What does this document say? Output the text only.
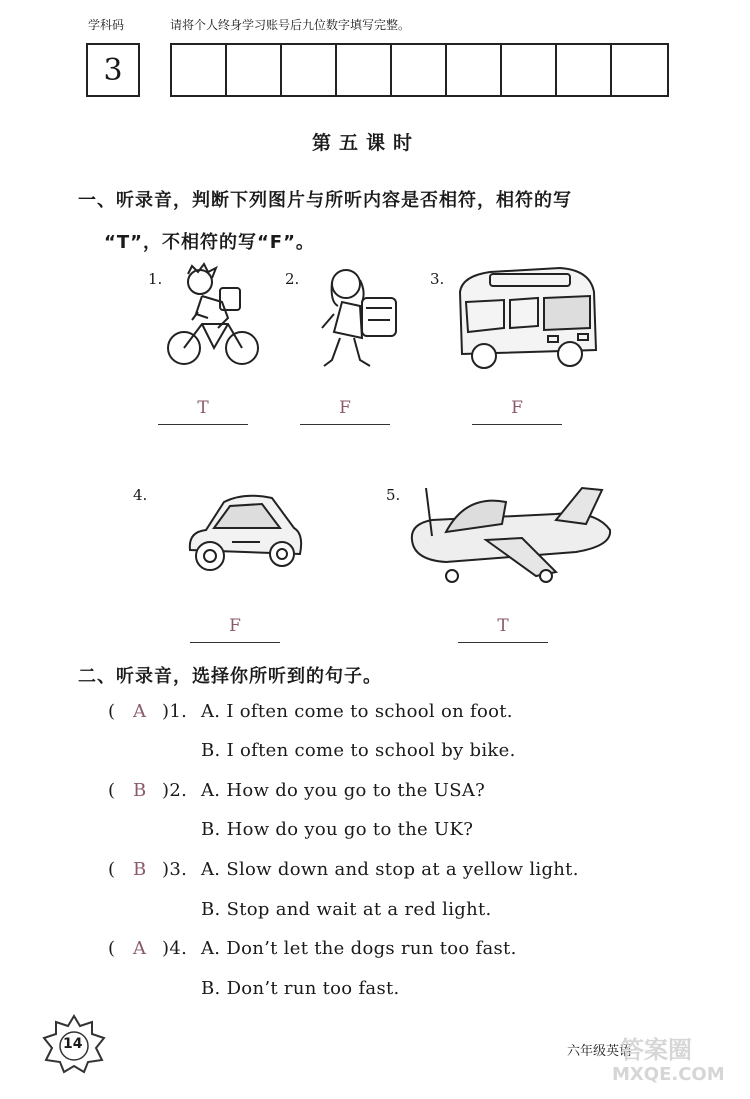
学科码	请将个人终身学习账号后九位数字填写完整。
3
第五课时
一、听录音，判断下列图片与所听内容是否相符，相符的写
“T”，不相符的写“F”。
1.
T
2.
F
3.
F
4.
F
5.
T
二、听录音，选择你所听到的句子。
( A )1. A. I often come to school on foot.
B. I often come to school by bike.
( B )2. A. How do you go to the USA?
B. How do you go to the UK?
( B )3. A. Slow down and stop at a yellow light.
B. Stop and wait at a red light.
( A )4. A. Don’t let the dogs run too fast.
B. Don’t run too fast.
14	六年级英语
答案圈
MXQE.COM
